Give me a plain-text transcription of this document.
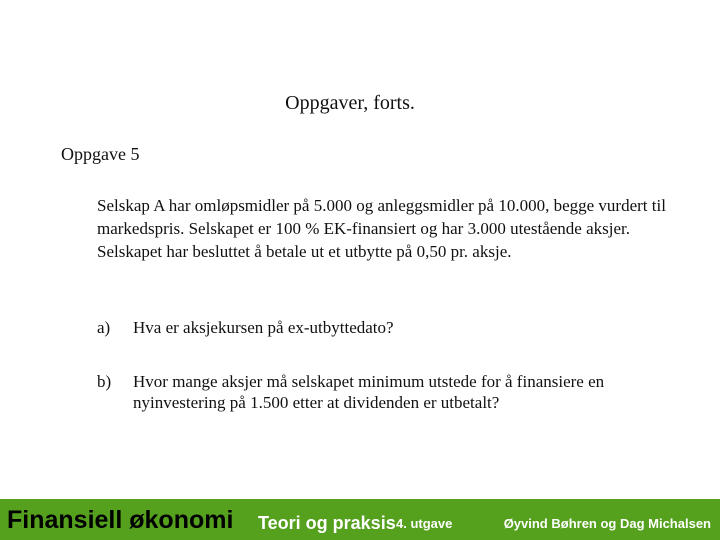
Oppgaver, forts.
Oppgave 5

Selskap A har omløpsmidler på 5.000 og anleggsmidler på 10.000, begge vurdert til markedspris. Selskapet er 100 % EK-finansiert og har 3.000 utestående aksjer.

Selskapet har besluttet å betale ut et utbytte på 0,50 pr. aksje.

a)	Hva er aksjekursen på ex-utbyttedato?
b)	Hvor mange aksjer må selskapet minimum utstede for å finansiere en nyinvestering på 1.500 etter at dividenden er utbetalt?
Finansiell økonomi Teori og praksis 4. utgave	Øyvind Bøhren og Dag Michalsen
